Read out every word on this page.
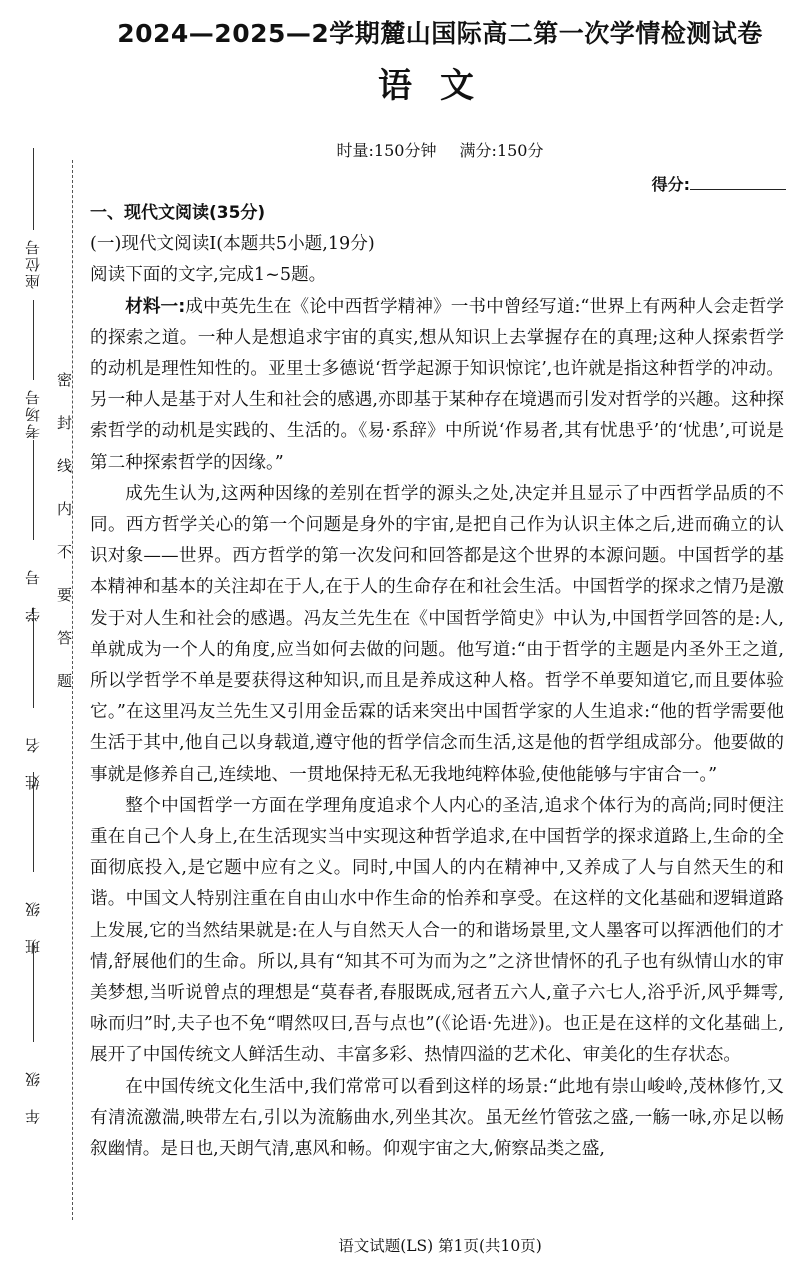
座位号
考场号
学号
姓名
班级
年级
密封线内不要答题
2024—2025—2学期麓山国际高二第一次学情检测试卷
语文
时量:150分钟 满分:150分
得分:

一、现代文阅读(35分)

(一)现代文阅读Ⅰ(本题共5小题,19分)

阅读下面的文字,完成1~5题。

材料一:成中英先生在《论中西哲学精神》一书中曾经写道:“世界上有两种人会走哲学的探索之道。一种人是想追求宇宙的真实,想从知识上去掌握存在的真理;这种人探索哲学的动机是理性知性的。亚里士多德说‘哲学起源于知识惊诧’,也许就是指这种哲学的冲动。另一种人是基于对人生和社会的感遇,亦即基于某种存在境遇而引发对哲学的兴趣。这种探索哲学的动机是实践的、生活的。《易·系辞》中所说‘作易者,其有忧患乎’的‘忧患’,可说是第二种探索哲学的因缘。”

成先生认为,这两种因缘的差别在哲学的源头之处,决定并且显示了中西哲学品质的不同。西方哲学关心的第一个问题是身外的宇宙,是把自己作为认识主体之后,进而确立的认识对象——世界。西方哲学的第一次发问和回答都是这个世界的本源问题。中国哲学的基本精神和基本的关注却在于人,在于人的生命存在和社会生活。中国哲学的探求之情乃是激发于对人生和社会的感遇。冯友兰先生在《中国哲学简史》中认为,中国哲学回答的是:人,单就成为一个人的角度,应当如何去做的问题。他写道:“由于哲学的主题是内圣外王之道,所以学哲学不单是要获得这种知识,而且是养成这种人格。哲学不单要知道它,而且要体验它。”在这里冯友兰先生又引用金岳霖的话来突出中国哲学家的人生追求:“他的哲学需要他生活于其中,他自己以身载道,遵守他的哲学信念而生活,这是他的哲学组成部分。他要做的事就是修养自己,连续地、一贯地保持无私无我地纯粹体验,使他能够与宇宙合一。”

整个中国哲学一方面在学理角度追求个人内心的圣洁,追求个体行为的高尚;同时便注重在自己个人身上,在生活现实当中实现这种哲学追求,在中国哲学的探求道路上,生命的全面彻底投入,是它题中应有之义。同时,中国人的内在精神中,又养成了人与自然天生的和谐。中国文人特别注重在自由山水中作生命的怡养和享受。在这样的文化基础和逻辑道路上发展,它的当然结果就是:在人与自然天人合一的和谐场景里,文人墨客可以挥洒他们的才情,舒展他们的生命。所以,具有“知其不可为而为之”之济世情怀的孔子也有纵情山水的审美梦想,当听说曾点的理想是“莫春者,春服既成,冠者五六人,童子六七人,浴乎沂,风乎舞雩,咏而归”时,夫子也不免“喟然叹曰,吾与点也”(《论语·先进》)。也正是在这样的文化基础上,展开了中国传统文人鲜活生动、丰富多彩、热情四溢的艺术化、审美化的生存状态。

在中国传统文化生活中,我们常常可以看到这样的场景:“此地有崇山峻岭,茂林修竹,又有清流激湍,映带左右,引以为流觞曲水,列坐其次。虽无丝竹管弦之盛,一觞一咏,亦足以畅叙幽情。是日也,天朗气清,惠风和畅。仰观宇宙之大,俯察品类之盛,

语文试题(LS) 第1页(共10页)
